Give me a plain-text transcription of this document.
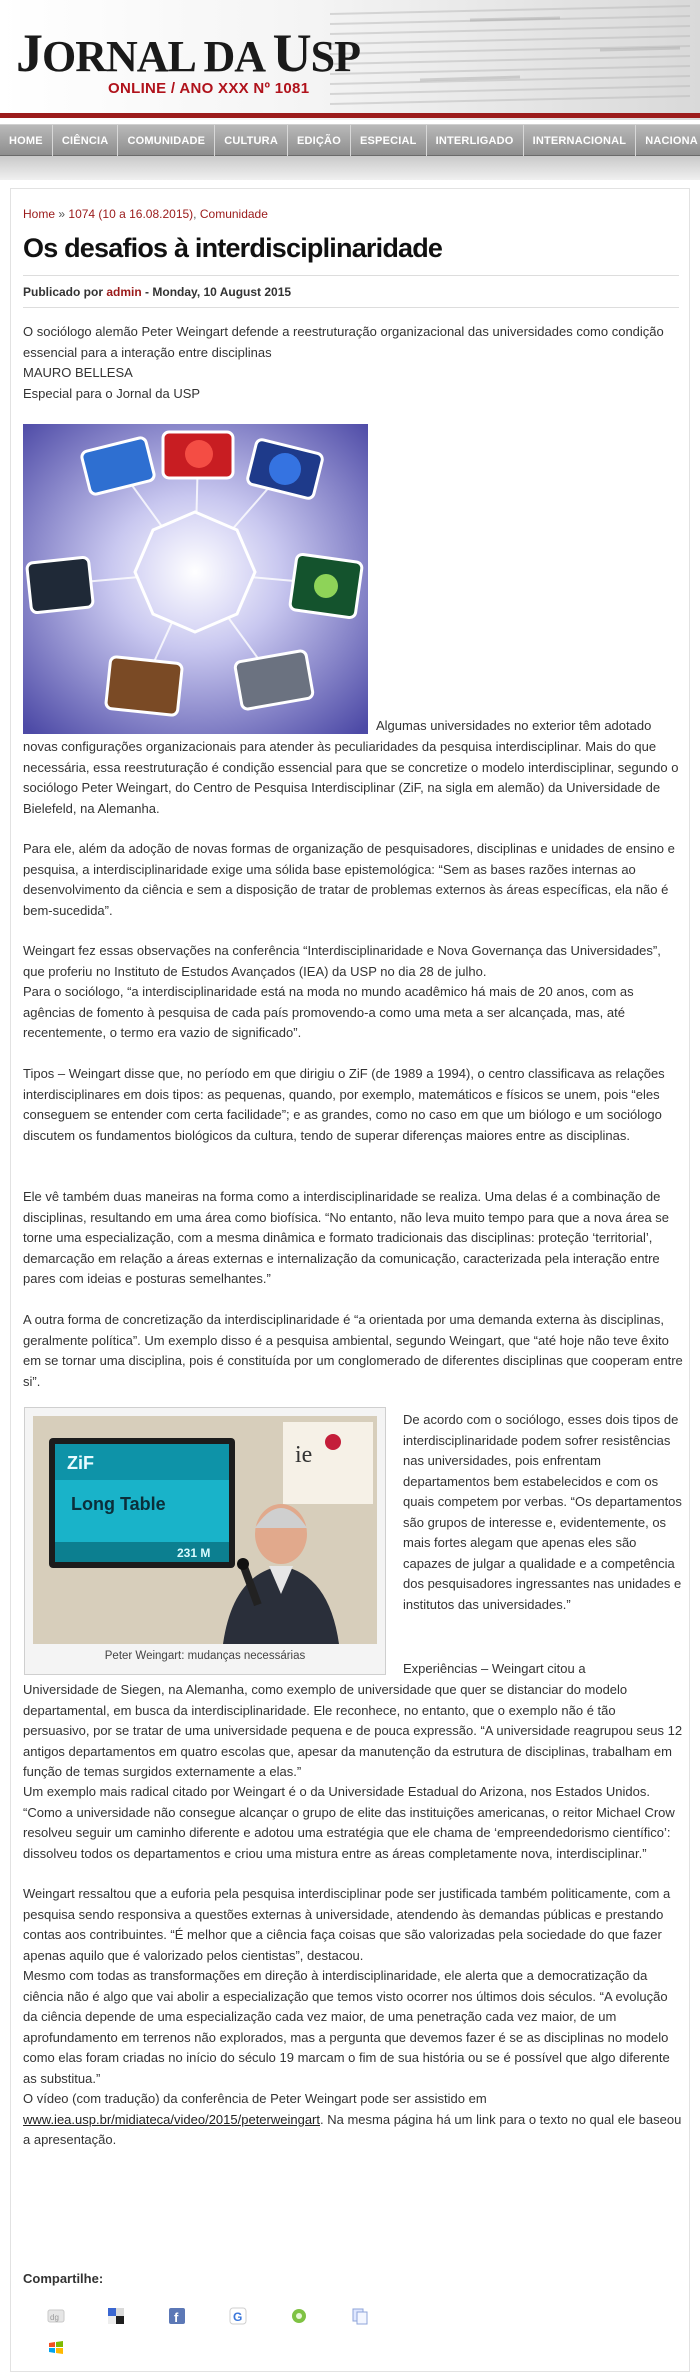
JORNAL DA USP
ONLINE / ANO XXX Nº 1081
HOME	CIÊNCIA	COMUNIDADE	CULTURA	EDIÇÃO	ESPECIAL	INTERLIGADO	INTERNACIONAL	NACIONA
Home » 1074 (10 a 16.08.2015), Comunidade
Os desafios à interdisciplinaridade
Publicado por admin - Monday, 10 August 2015
O sociólogo alemão Peter Weingart defende a reestruturação organizacional das universidades como condição essencial para a interação entre disciplinas
MAURO BELLESA
Especial para o Jornal da USP
Algumas universidades no exterior têm adotado
novas configurações organizacionais para atender às peculiaridades da pesquisa interdisciplinar. Mais do que necessária, essa reestruturação é condição essencial para que se concretize o modelo interdisciplinar, segundo o sociólogo Peter Weingart, do Centro de Pesquisa Interdisciplinar (ZiF, na sigla em alemão) da Universidade de Bielefeld, na Alemanha.
Para ele, além da adoção de novas formas de organização de pesquisadores, disciplinas e unidades de ensino e pesquisa, a interdisciplinaridade exige uma sólida base epistemológica: “Sem as bases razões internas ao desenvolvimento da ciência e sem a disposição de tratar de problemas externos às áreas específicas, ela não é bem-sucedida”.
Weingart fez essas observações na conferência “Interdisciplinaridade e Nova Governança das Universidades”, que proferiu no Instituto de Estudos Avançados (IEA) da USP no dia 28 de julho.
Para o sociólogo, “a interdisciplinaridade está na moda no mundo acadêmico há mais de 20 anos, com as agências de fomento à pesquisa de cada país promovendo-a como uma meta a ser alcançada, mas, até recentemente, o termo era vazio de significado”.
Tipos – Weingart disse que, no período em que dirigiu o ZiF (de 1989 a 1994), o centro classificava as relações interdisciplinares em dois tipos: as pequenas, quando, por exemplo, matemáticos e físicos se unem, pois “eles conseguem se entender com certa facilidade”; e as grandes, como no caso em que um biólogo e um sociólogo discutem os fundamentos biológicos da cultura, tendo de superar diferenças maiores entre as disciplinas.
Ele vê também duas maneiras na forma como a interdisciplinaridade se realiza. Uma delas é a combinação de disciplinas, resultando em uma área como biofísica. “No entanto, não leva muito tempo para que a nova área se torne uma especialização, com a mesma dinâmica e formato tradicionais das disciplinas: proteção ‘territorial’, demarcação em relação a áreas externas e internalização da comunicação, caracterizada pela interação entre pares com ideias e posturas semelhantes.”
A outra forma de concretização da interdisciplinaridade é “a orientada por uma demanda externa às disciplinas, geralmente política”. Um exemplo disso é a pesquisa ambiental, segundo Weingart, que “até hoje não teve êxito em se tornar uma disciplina, pois é constituída por um conglomerado de diferentes disciplinas que cooperam entre si”.
ZiF
Long Table
231 M
ie
Peter Weingart: mudanças necessárias
De acordo com o sociólogo, esses dois tipos de interdisciplinaridade podem sofrer resistências nas universidades, pois enfrentam departamentos bem estabelecidos e com os quais competem por verbas. “Os departamentos são grupos de interesse e, evidentemente, os mais fortes alegam que apenas eles são capazes de julgar a qualidade e a competência dos pesquisadores ingressantes nas unidades e institutos das universidades.”
Experiências – Weingart citou a
Universidade de Siegen, na Alemanha, como exemplo de universidade que quer se distanciar do modelo departamental, em busca da interdisciplinaridade. Ele reconhece, no entanto, que o exemplo não é tão persuasivo, por se tratar de uma universidade pequena e de pouca expressão. “A universidade reagrupou seus 12 antigos departamentos em quatro escolas que, apesar da manutenção da estrutura de disciplinas, trabalham em função de temas surgidos externamente a elas.”
Um exemplo mais radical citado por Weingart é o da Universidade Estadual do Arizona, nos Estados Unidos. “Como a universidade não consegue alcançar o grupo de elite das instituições americanas, o reitor Michael Crow resolveu seguir um caminho diferente e adotou uma estratégia que ele chama de ‘empreendedorismo científico’: dissolveu todos os departamentos e criou uma mistura entre as áreas completamente nova, interdisciplinar.”
Weingart ressaltou que a euforia pela pesquisa interdisciplinar pode ser justificada também politicamente, com a pesquisa sendo responsiva a questões externas à universidade, atendendo às demandas públicas e prestando contas aos contribuintes. “É melhor que a ciência faça coisas que são valorizadas pela sociedade do que fazer apenas aquilo que é valorizado pelos cientistas”, destacou.
Mesmo com todas as transformações em direção à interdisciplinaridade, ele alerta que a democratização da ciência não é algo que vai abolir a especialização que temos visto ocorrer nos últimos dois séculos. “A evolução da ciência depende de uma especialização cada vez maior, de uma penetração cada vez maior, de um aprofundamento em terrenos não explorados, mas a pergunta que devemos fazer é se as disciplinas no modelo como elas foram criadas no início do século 19 marcam o fim de sua história ou se é possível que algo diferente as substitua.”
O vídeo (com tradução) da conferência de Peter Weingart pode ser assistido em www.iea.usp.br/midiateca/video/2015/peterweingart. Na mesma página há um link para o texto no qual ele baseou a apresentação.
Compartilhe:
dg	f	G
